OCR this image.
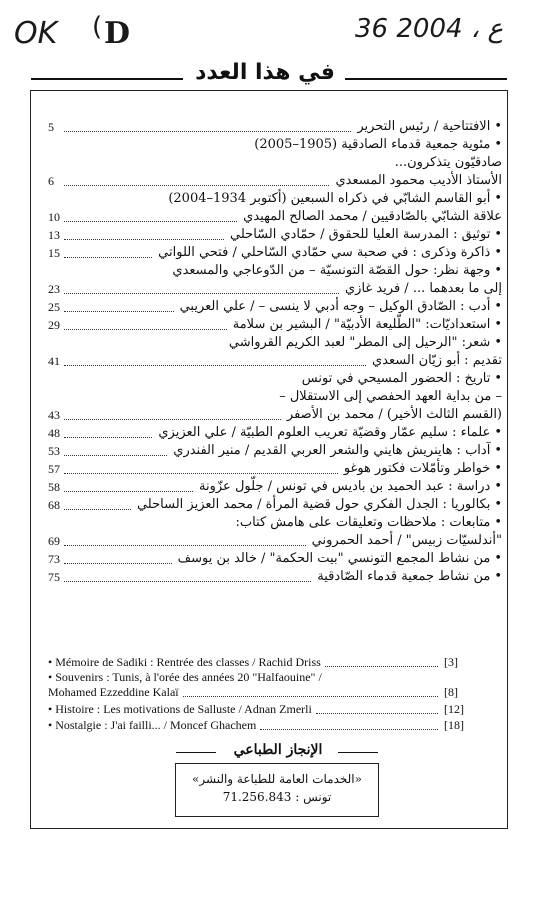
OK ( D	36 ع ، 2004
في هذا العدد
•الافتتاحية / رئيس التحرير
5
•مئوية جمعية قدماء الصادقية (1905–2005)
صادقيّون يتذكرون...
الأستاذ الأديب محمود المسعدي
6
•أبو القاسم الشابّي في ذكراه السبعين (أكتوبر 1934–2004)
علاقة الشابّي بالصّادقيين / محمد الصالح المهيدي
10
•توثيق : المدرسة العليا للحقوق / حمّادي السّاحلي
13
•ذاكرة وذكرى : في صحبة سي حمّادي السّاحلي / فتحي اللواتي
15
•وجهة نظر: حول القصّة التونسيّة – من الدّوعاجي والمسعدي
إلى ما بعدهما ... / فريد غازي
23
•أدب : الصّادق الوكيل – وجه أدبي لا ينسى – / علي العريبي
25
•استعداديّات: "الطّليعة الأدبيّة" / البشير بن سلامة
29
•شعر: "الرحيل إلى المطر" لعبد الكريم القرواشي
تقديم : أبو زيّان السعدي
41
•تاريخ : الحضور المسيحي في تونس
– من بداية العهد الحفصي إلى الاستقلال –
(القسم الثالث الأخير) / محمد بن الأصفر
43
•علماء : سليم عمّار وقضيّة تعريب العلوم الطبيّة / علي العزيزي
48
•آداب : هاينريش هايني والشعر العربي القديم / منير الفندري
53
•خواطر وتأمّلات فكتور هوغو
57
•دراسة : عبد الحميد بن باديس في تونس / جلّول عزّونة
58
•بكالوريا : الجدل الفكري حول قضية المرأة / محمد العزيز الساحلي
68
•متابعات : ملاحظات وتعليقات على هامش كتاب:
"أندلسيّات زبيس" / أحمد الحمروني
69
•من نشاط المجمع التونسي "بيت الحكمة" / خالد بن يوسف
73
•من نشاط جمعية قدماء الصّادقية
75
• Mémoire de Sadiki : Rentrée des classes / Rachid Driss	[3]
• Souvenirs : Tunis, à l'orée des années 20 "Halfaouine" /
Mohamed Ezzeddine Kalaï	[8]
• Histoire : Les motivations de Salluste / Adnan Zmerli	[12]
• Nostalgie : J'ai failli... / Moncef Ghachem	[18]
الإنجاز الطباعي
«الخدمات العامة للطباعة والنشر»
تونس : 71.256.843
